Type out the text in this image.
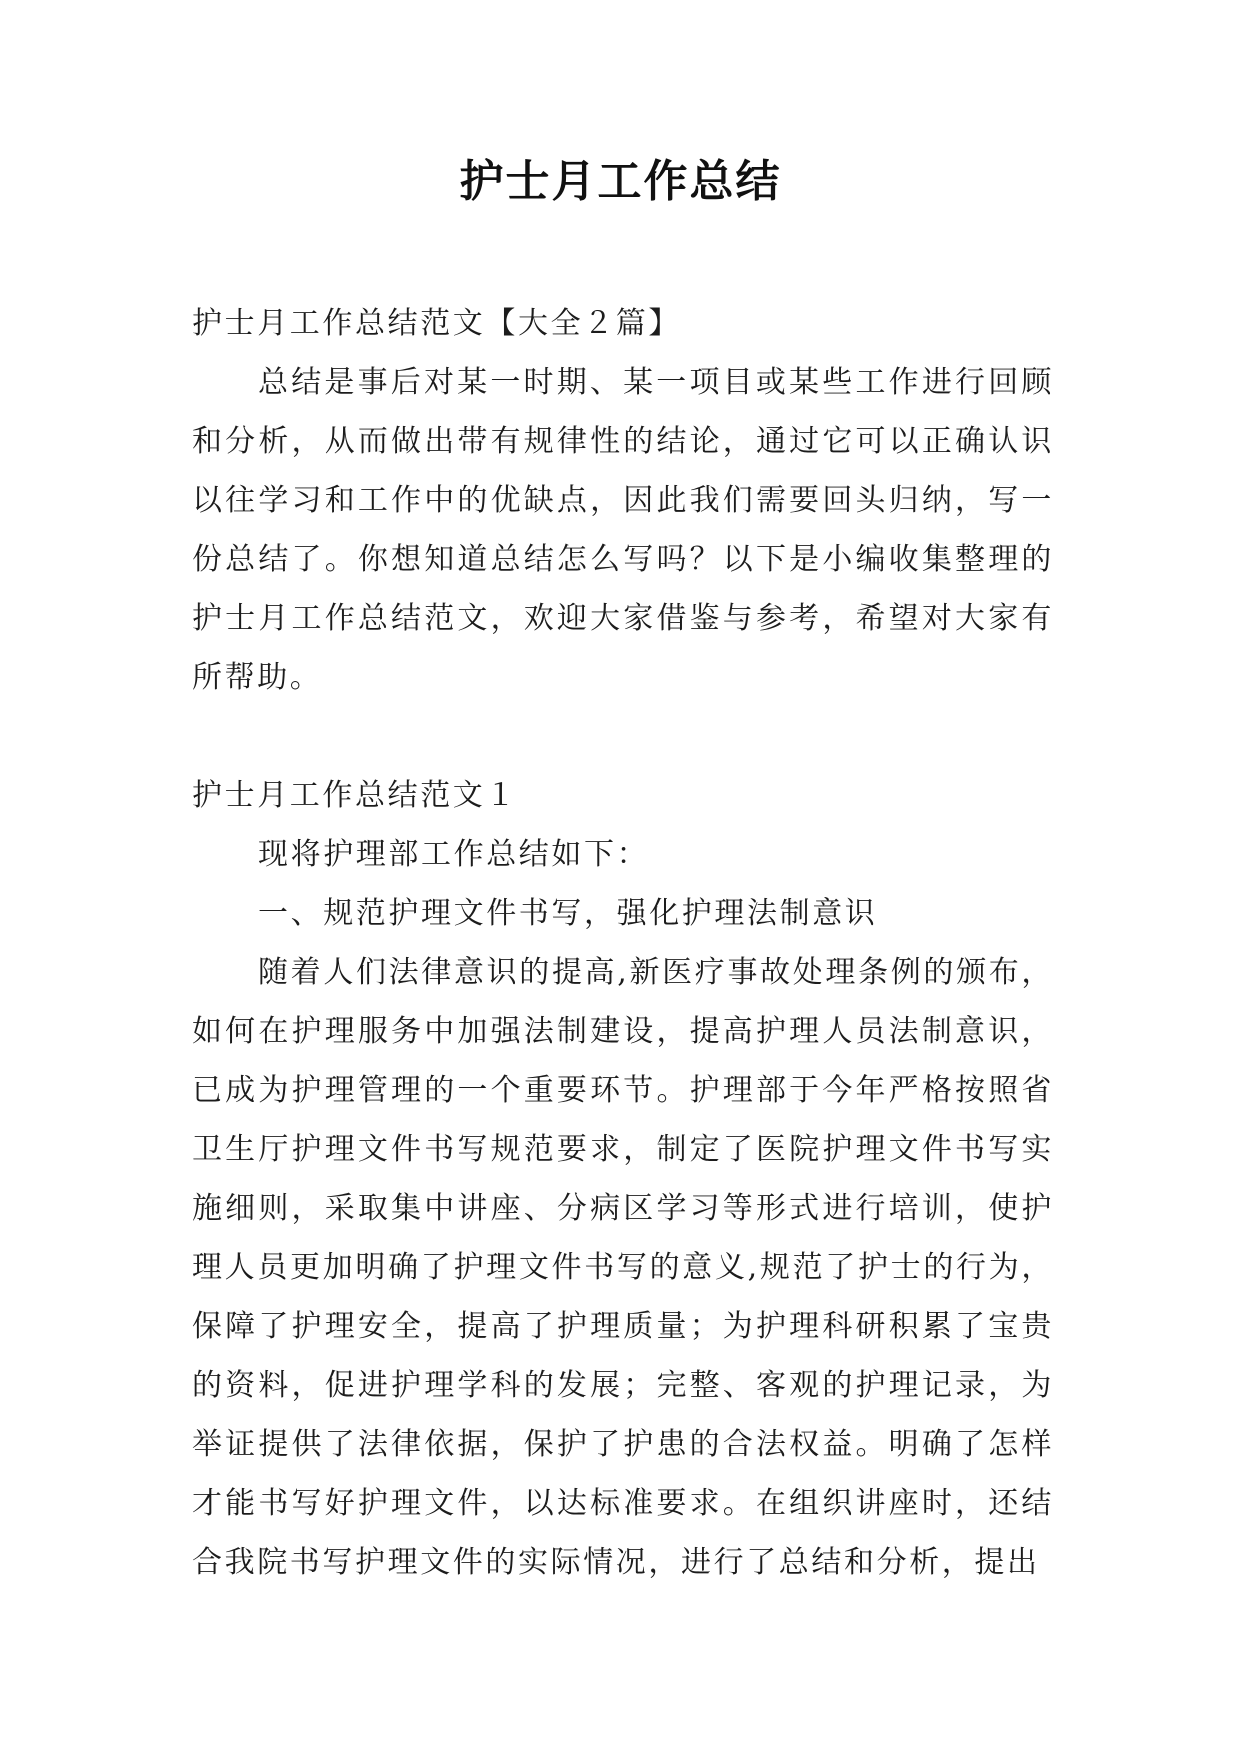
护士月工作总结

护士月工作总结范文【大全２篇】

总结是事后对某一时期、某一项目或某些工作进行回顾和分析，从而做出带有规律性的结论，通过它可以正确认识以往学习和工作中的优缺点，因此我们需要回头归纳，写一份总结了。你想知道总结怎么写吗？以下是小编收集整理的护士月工作总结范文，欢迎大家借鉴与参考，希望对大家有所帮助。

护士月工作总结范文１

现将护理部工作总结如下：

一、规范护理文件书写，强化护理法制意识

随着人们法律意识的提高,新医疗事故处理条例的颁布，如何在护理服务中加强法制建设，提高护理人员法制意识，已成为护理管理的一个重要环节。护理部于今年严格按照省卫生厅护理文件书写规范要求，制定了医院护理文件书写实施细则，采取集中讲座、分病区学习等形式进行培训，使护理人员更加明确了护理文件书写的意义,规范了护士的行为，保障了护理安全，提高了护理质量；为护理科研积累了宝贵的资料，促进护理学科的发展；完整、客观的护理记录，为举证提供了法律依据，保护了护患的合法权益。明确了怎样才能书写好护理文件，以达标准要求。在组织讲座时，还结合我院书写护理文件的实际情况，进行了总结和分析，提出
